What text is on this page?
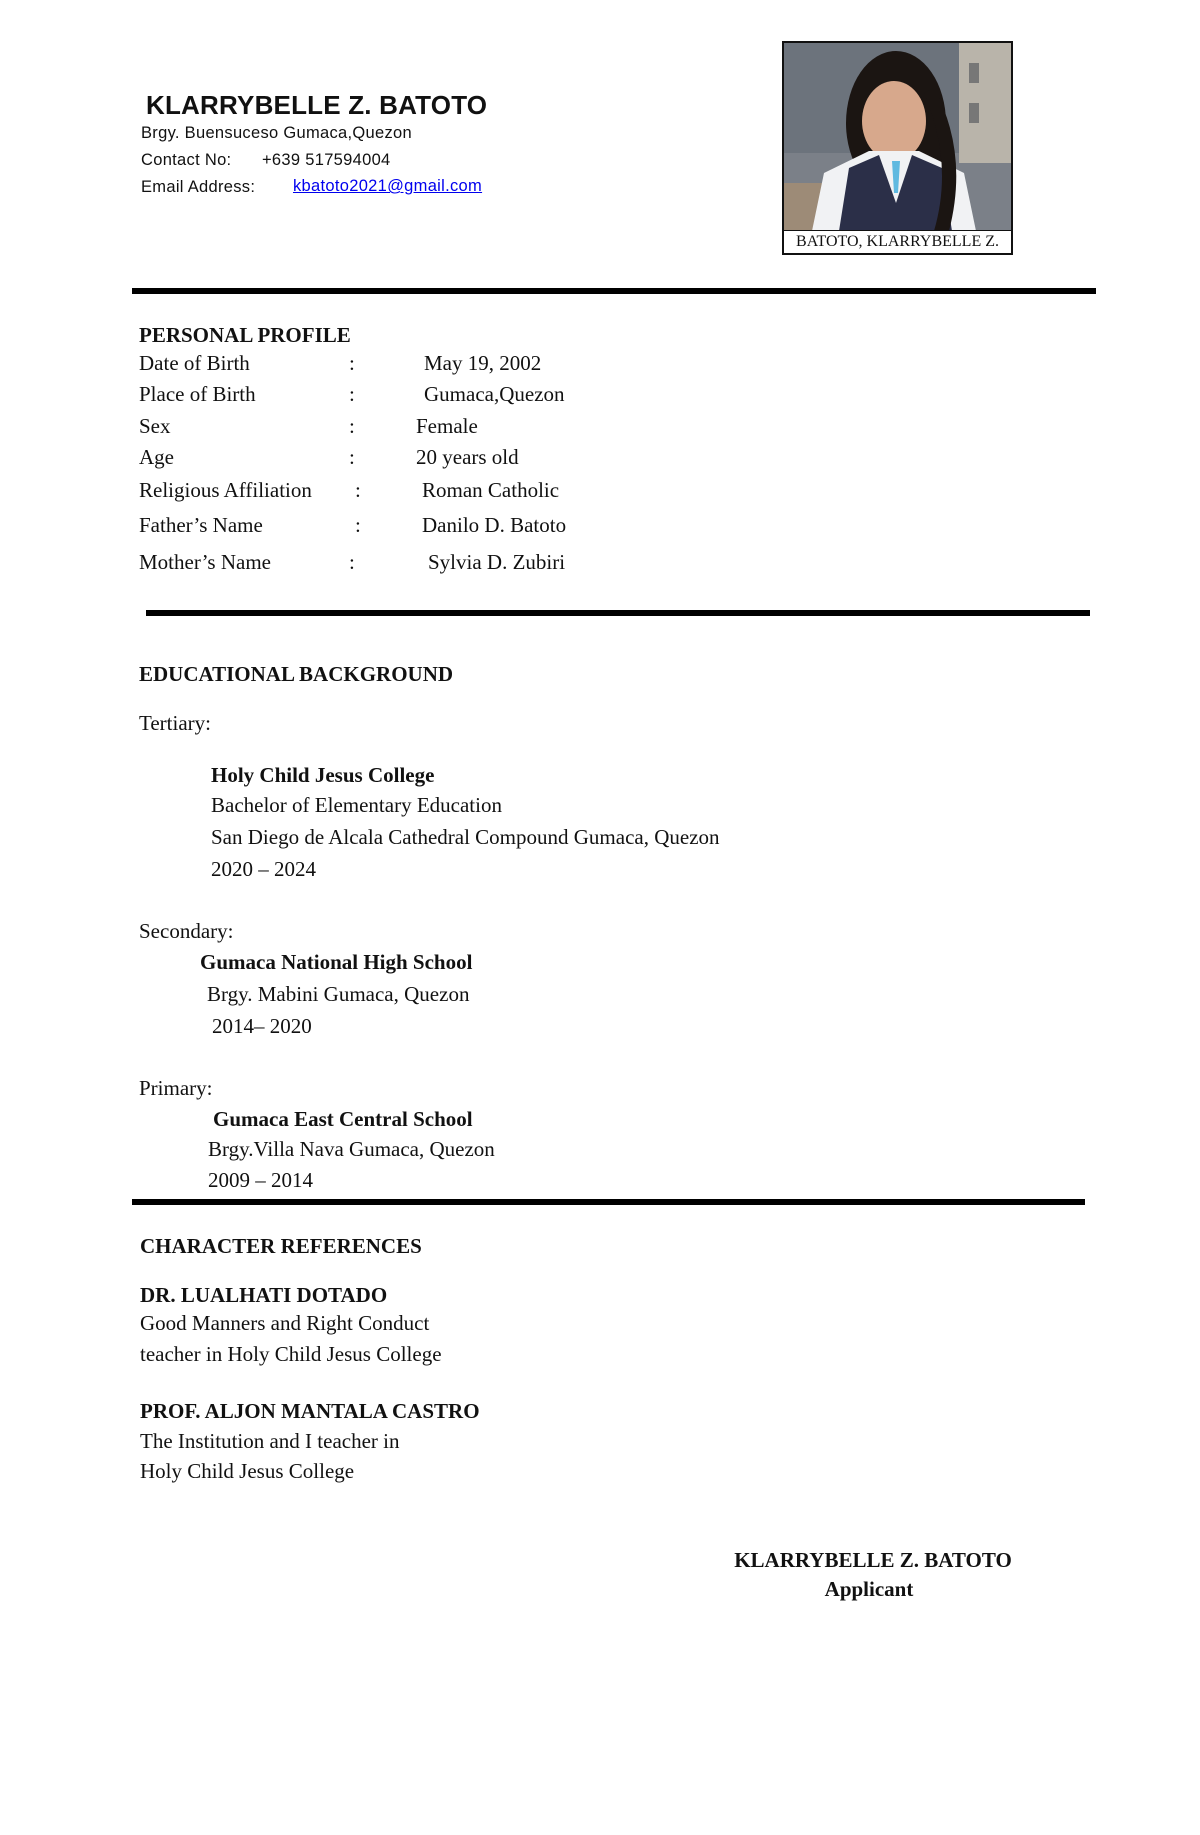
KLARRYBELLE Z. BATOTO
Brgy. Buensuceso Gumaca,Quezon
Contact No: +639 517594004
Email Address: kbatoto2021@gmail.com
BATOTO, KLARRYBELLE Z.
PERSONAL PROFILE
Date of Birth	:	May 19, 2002
Place of Birth	:	Gumaca,Quezon
Sex	:	Female
Age	:	20 years old
Religious Affiliation :	Roman Catholic
Father’s Name	:	Danilo D. Batoto
Mother’s Name	:	Sylvia D. Zubiri
EDUCATIONAL BACKGROUND
Tertiary:
Holy Child Jesus College
Bachelor of Elementary Education
San Diego de Alcala Cathedral Compound Gumaca, Quezon
2020 – 2024
Secondary:
Gumaca National High School
Brgy. Mabini Gumaca, Quezon
2014– 2020
Primary:
Gumaca East Central School
Brgy.Villa Nava Gumaca, Quezon
2009 – 2014
CHARACTER REFERENCES
DR. LUALHATI DOTADO
Good Manners and Right Conduct
teacher in Holy Child Jesus College
PROF. ALJON MANTALA CASTRO
The Institution and I teacher in
Holy Child Jesus College
KLARRYBELLE Z. BATOTO
Applicant
